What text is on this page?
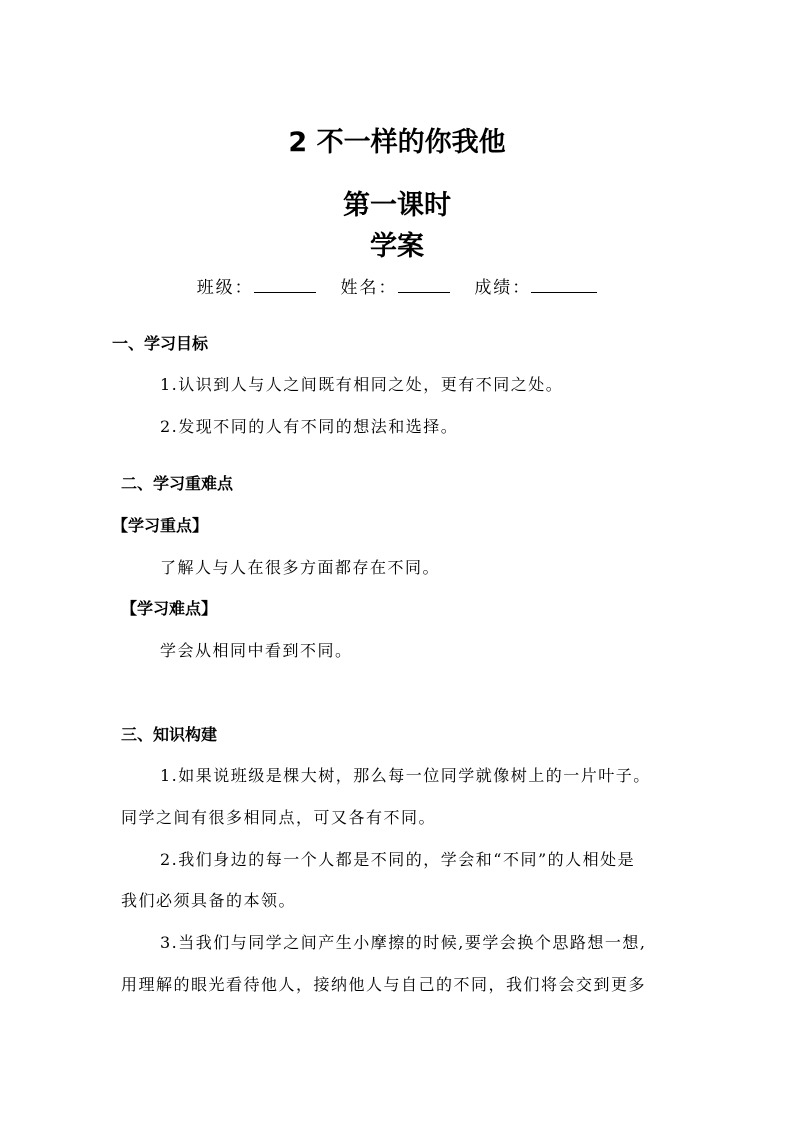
2 不一样的你我他
第一课时
学案
班级：	姓名：	成绩：
一、学习目标
1.认识到人与人之间既有相同之处，更有不同之处。
2.发现不同的人有不同的想法和选择。
二、学习重难点
【学习重点】
了解人与人在很多方面都存在不同。
【学习难点】
学会从相同中看到不同。
三、知识构建
1.如果说班级是棵大树，那么每一位同学就像树上的一片叶子。
同学之间有很多相同点，可又各有不同。
2.我们身边的每一个人都是不同的，学会和“不同”的人相处是
我们必须具备的本领。
3.当我们与同学之间产生小摩擦的时候,要学会换个思路想一想,
用理解的眼光看待他人，接纳他人与自己的不同，我们将会交到更多
